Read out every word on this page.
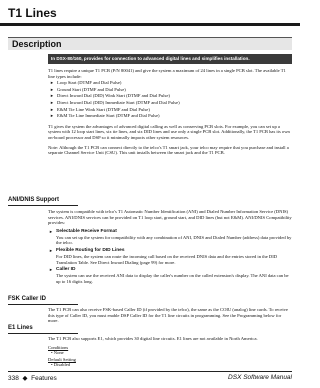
T1 Lines
Description
In DSX-80/160, provides for connection to advanced digital lines and simplifies installation.

T1 lines require a unique T1 PCB (P/N 80041) and give the system a maximum of 24 lines in a single PCB slot. The available T1 line types include:

► Loop Start (DTMF and Dial Pulse)
► Ground Start (DTMF and Dial Pulse)
► Direct Inward Dial (DID) Wink Start (DTMF and Dial Pulse)
► Direct Inward Dial (DID) Immediate Start (DTMF and Dial Pulse)
► E&M Tie Line Wink Start (DTMF and Dial Pulse)
► E&M Tie Line Immediate Start (DTMF and Dial Pulse)

T1 gives the system the advantages of advanced digital calling as well as conserving PCB slots. For example, you can set up a system with 12 loop start lines, six tie lines, and six DID lines and use only a single PCB slot. Additionally, the T1 PCB has its own on-board processor and DSP so it minimally impacts other system resources.

Note: Although the T1 PCB can connect directly to the telco's T1 smart jack, your telco may require that you purchase and install a separate Channel Service Unit (CSU). This unit installs between the smart jack and the T1 PCB.

ANI/DNIS Support

The system is compatible with telco's T1 Automatic Number Identification (ANI) and Dialed Number Information Service (DNIS) services. ANI/DNIS services can be provided on T1 loop start, ground start, and DID lines (but not E&M). ANI/DNIS Compatibility provides:

► Selectable Receive Format

You can set up the system for compatibility with any combination of ANI, DNIS and Dialed Number (address) data provided by the telco.

► Flexible Routing for DID Lines

For DID lines, the system can route the incoming call based on the received DNIS data and the entries stored in the DID Translation Table. See Direct Inward Dialing (page 99) for more.

► Caller ID

The system can use the received ANI data to display the caller's number on the called extension's display. The ANI data can be up to 16 digits long.

FSK Caller ID

The T1 PCB can also receive FSK-based Caller ID (if provided by the telco), the same as the COIU (analog) line cards. To receive this type of Caller ID, you must enable DSP Caller ID for the T1 line circuits in programming. See the Programming below for more.

E1 Lines

The T1 PCB also supports E1, which provides 30 digital line circuits. E1 lines are not available in North America.

Conditions
• None
Default Setting
• Disabled
338  ◆  Features	DSX Software Manual
